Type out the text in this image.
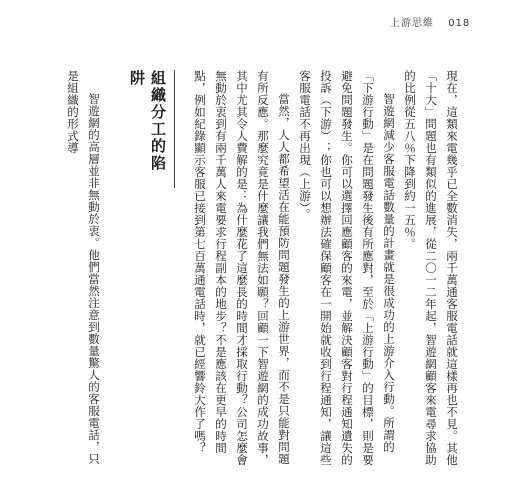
上游思維 018

現在，這類來電幾乎已全數消失，兩千萬通客服電話就這樣再也不見。其他「十大」問題也有類似的進展，從二〇一二年起，智遊網顧客來電尋求協助的比例從五八％下降到約一五％。

智遊網減少客服電話數量的計畫就是很成功的上游介入行動。所謂的「下游行動」是在問題發生後有所應對，至於「上游行動」的目標，則是要避免問題發生。你可以選擇回應顧客的來電，並解決顧客對行程通知遺失的投訴（下游）；你也可以想辦法確保顧客在一開始就收到行程通知，讓這些客服電話不再出現（上游）。

當然，人人都希望活在能預防問題發生的上游世界，而不是只能對問題有所反應。那麼究竟是什麼讓我們無法如願？回顧一下智遊網的成功故事，其中尤其令人費解的是：為什麼花了這麼長的時間才採取行動？公司怎麼會無動於衷到有兩千萬人來電要求行程副本的地步？不是應該在更早的時間點，例如紀錄顯示客服已接到第七百萬通電話時，就已經響鈴大作了嗎？

組織分工的陷阱

智遊網的高層並非無動於衷。他們當然注意到數量驚人的客服電話，只是組織的形式導
